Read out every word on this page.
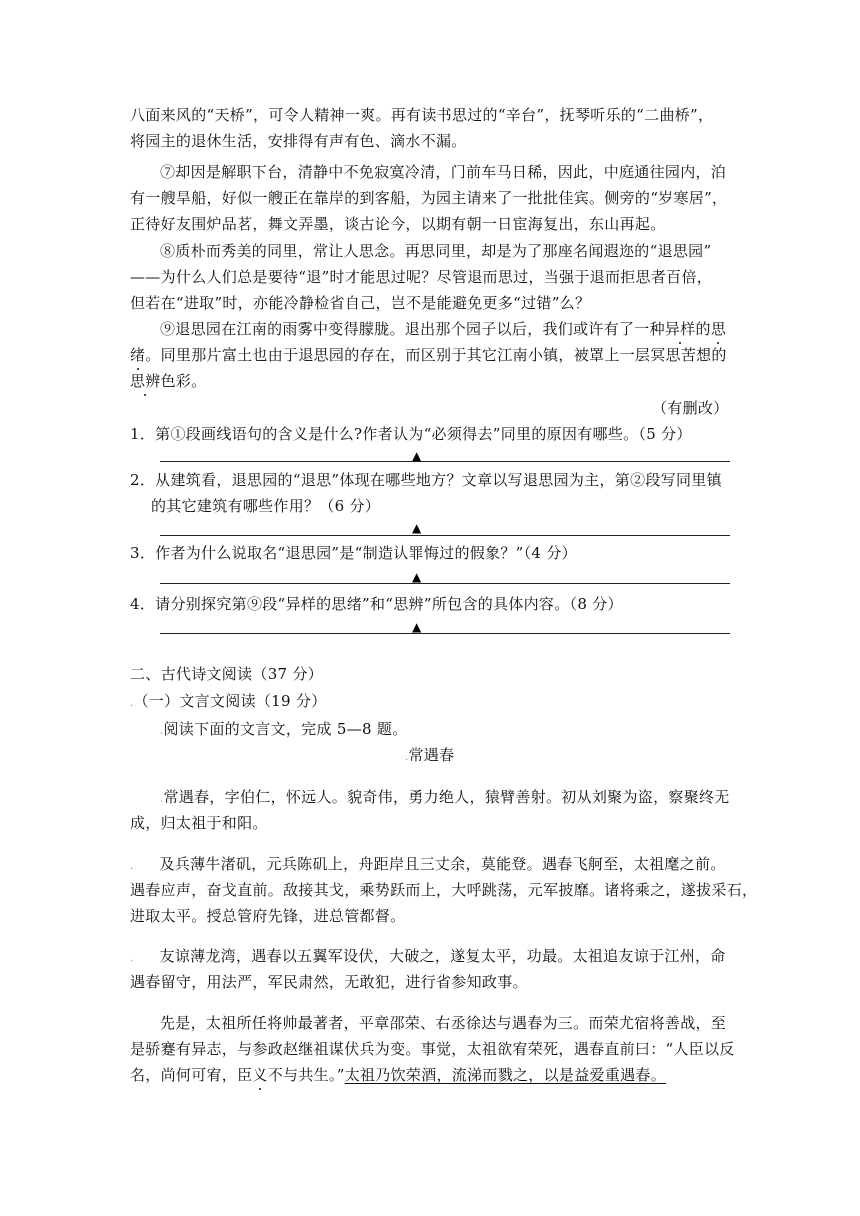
八面来风的“天桥”，可令人精神一爽。再有读书思过的“辛台”，抚琴听乐的“二曲桥”，
将园主的退休生活，安排得有声有色、滴水不漏。
⑦却因是解职下台，清静中不免寂寞冷清，门前车马日稀，因此，中庭通往园内，泊
有一艘旱船，好似一艘正在靠岸的到客船，为园主请来了一批批佳宾。侧旁的“岁寒居”，
正待好友围炉品茗，舞文弄墨，谈古论今，以期有朝一日宦海复出，东山再起。
⑧质朴而秀美的同里，常让人思念。再思同里，却是为了那座名闻遐迩的“退思园”
——为什么人们总是要待“退”时才能思过呢？尽管退而思过，当强于退而拒思者百倍，
但若在“进取”时，亦能冷静检省自己，岂不是能避免更多“过错”么？
⑨退思园在江南的雨雾中变得朦胧。退出那个园子以后，我们或许有了一种异样的思
绪。同里那片富土也由于退思园的存在，而区别于其它江南小镇，被罩上一层冥思苦想的
思辨色彩。
（有删改）
1．第①段画线语句的含义是什么?作者认为“必须得去”同里的原因有哪些。（5 分）
▲
2．从建筑看，退思园的“退思”体现在哪些地方？文章以写退思园为主，第②段写同里镇
的其它建筑有哪些作用？（6 分）
▲
3．作者为什么说取名“退思园”是“制造认罪悔过的假象？”（4 分）
▲
4．请分别探究第⑨段“异样的思绪”和“思辨”所包含的具体内容。（8 分）
▲
二、古代诗文阅读（37 分）
.（一）文言文阅读（19 分）
.阅读下面的文言文，完成 5—8 题。
.常遇春
.常遇春，字伯仁，怀远人。貌奇伟，勇力绝人，猿臂善射。初从刘聚为盗，察聚终无
成，归太祖于和阳。
. 及兵薄牛渚矶，元兵陈矶上，舟距岸且三丈余，莫能登。遇春飞舸至，太祖麾之前。
遇春应声，奋戈直前。敌接其戈，乘势跃而上，大呼跳荡，元军披靡。诸将乘之，遂拔采石，
进取太平。授总管府先锋，进总管都督。
. 友谅薄龙湾，遇春以五翼军设伏，大破之，遂复太平，功最。太祖追友谅于江州，命
遇春留守，用法严，军民肃然，无敢犯，进行省参知政事。
先是，太祖所任将帅最著者，平章邵荣、右丞徐达与遇春为三。而荣尤宿将善战，至
是骄蹇有异志，与参政赵继祖谋伏兵为变。事觉，太祖欲宥荣死，遇春直前曰：“人臣以反
名，尚何可宥，臣义不与共生。”太祖乃饮荣酒，流涕而戮之，以是益爱重遇春。
